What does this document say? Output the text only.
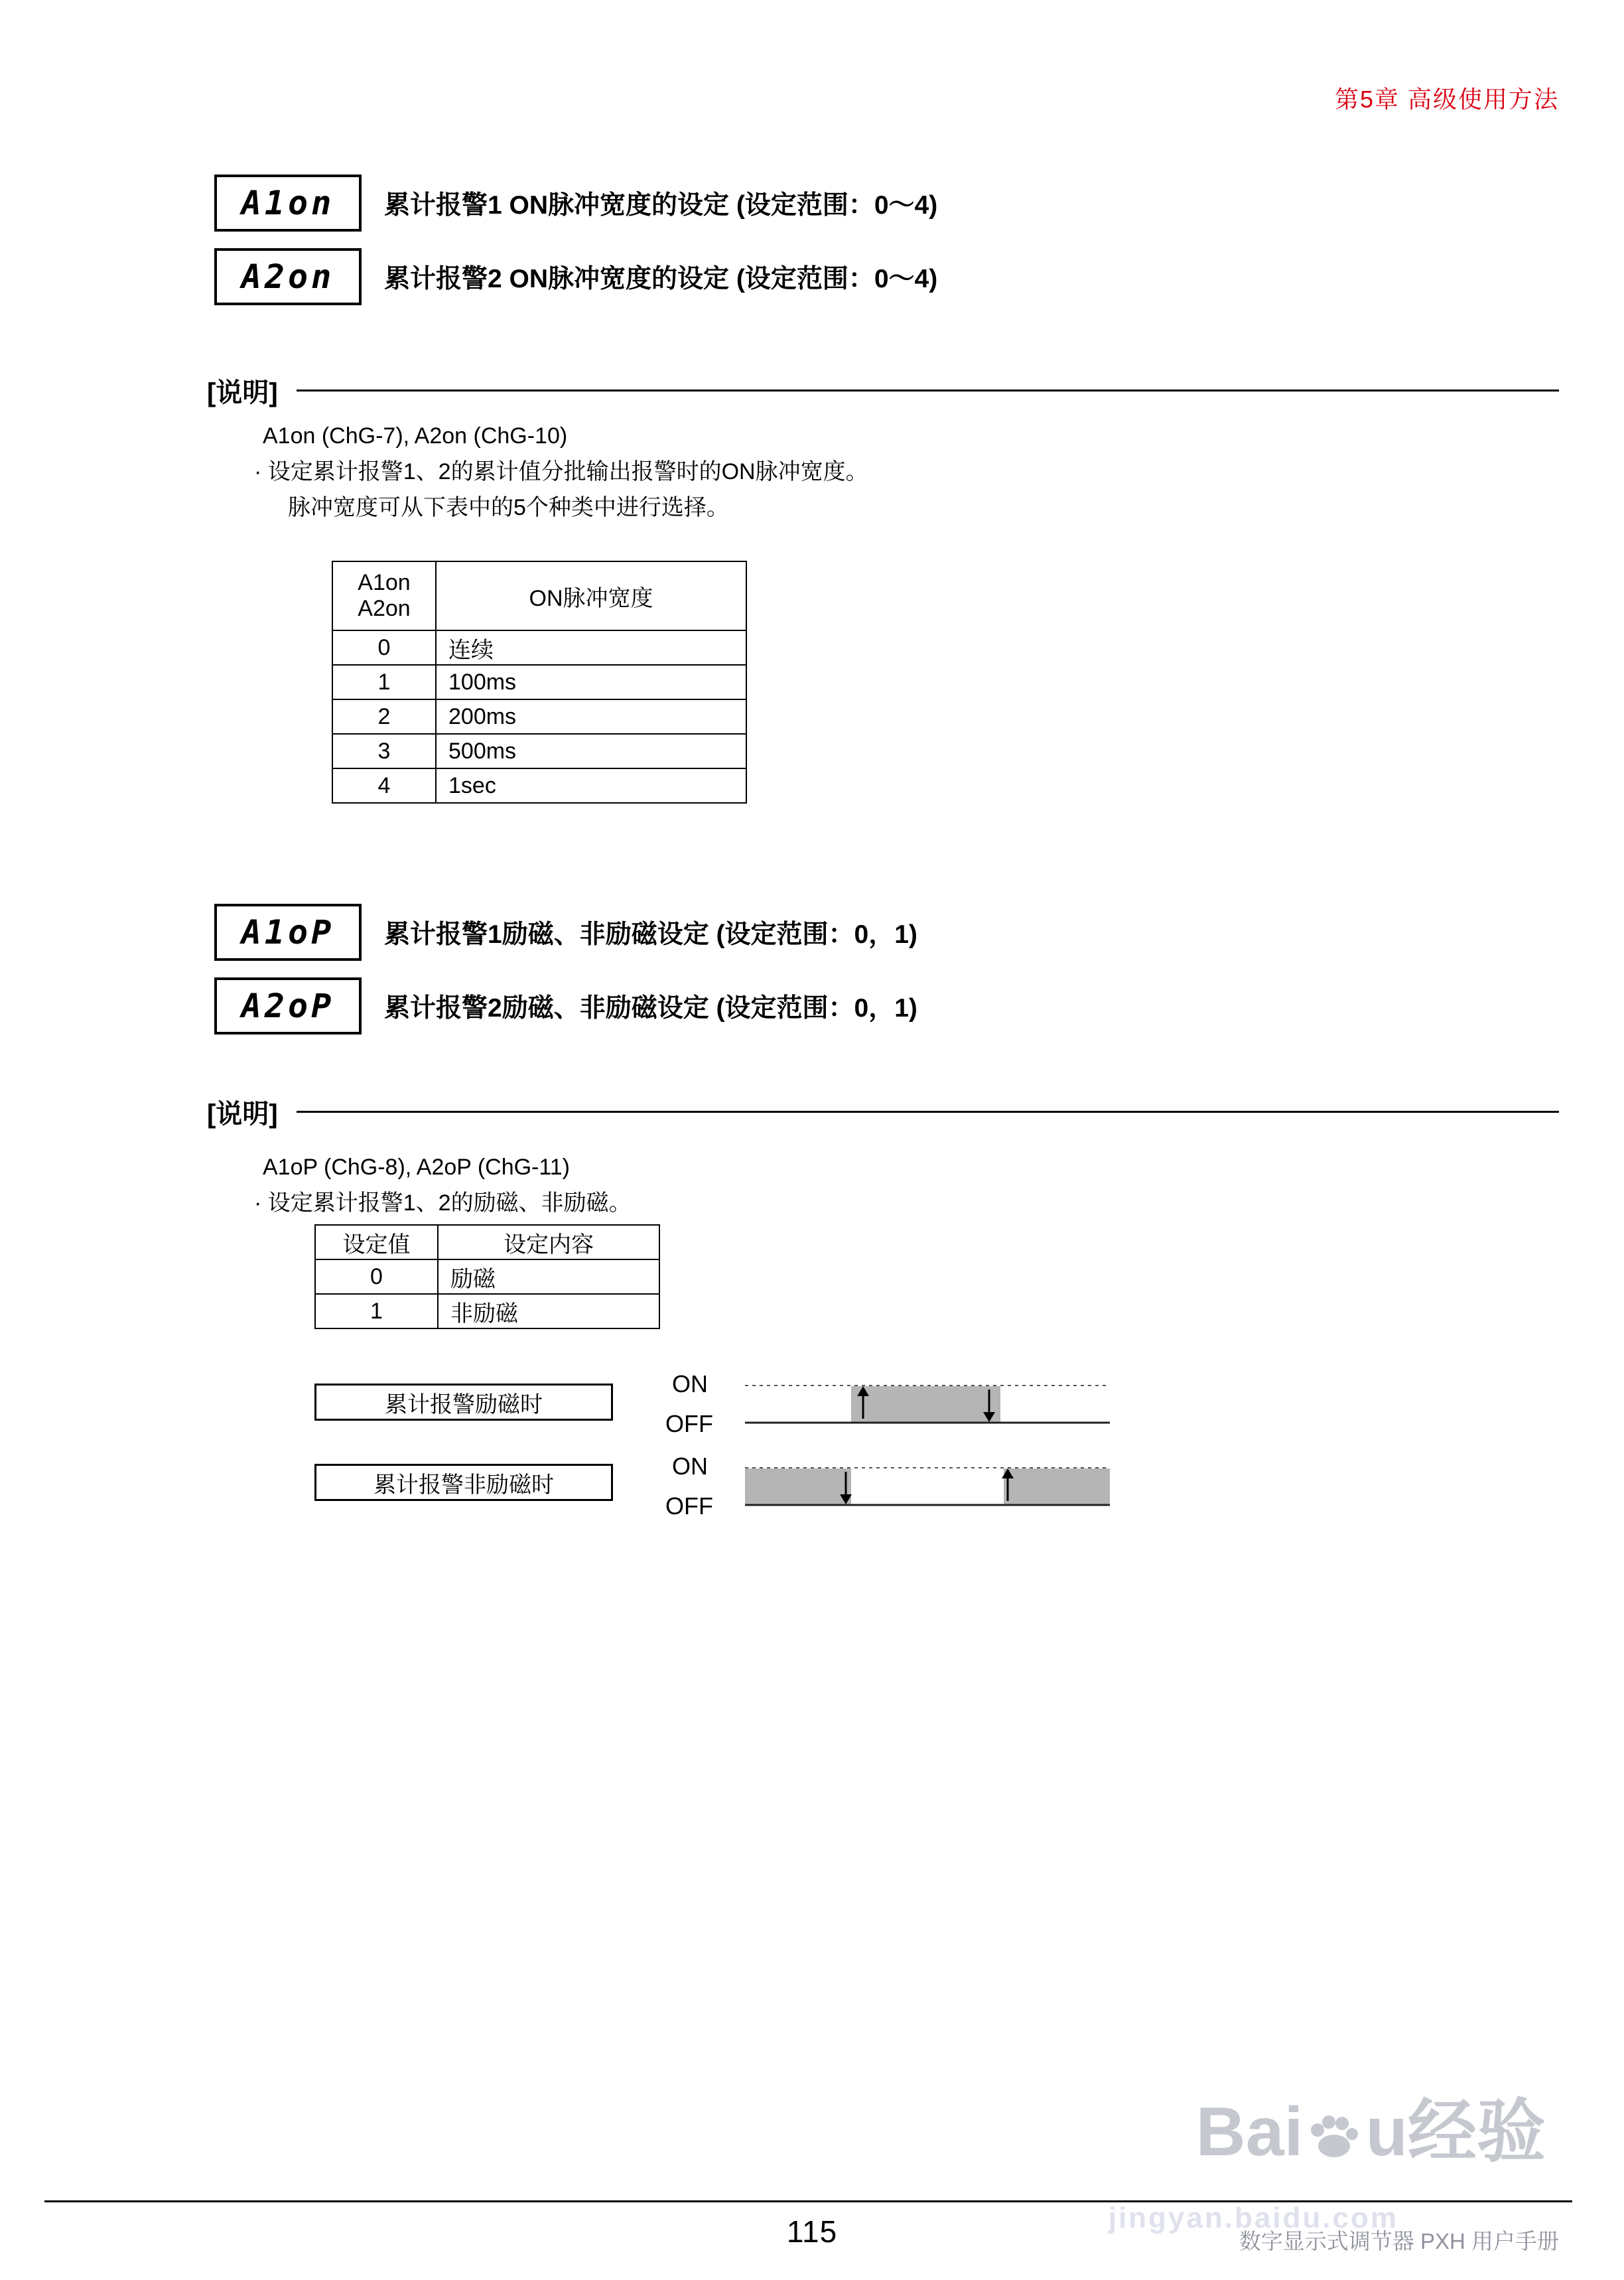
第5章 高级使用方法
A1on 累计报警1 ON脉冲宽度的设定 (设定范围：0～4)
A2on 累计报警2 ON脉冲宽度的设定 (设定范围：0～4)
[说明]
A1on (ChG-7), A2on (ChG-10)
· 设定累计报警1、2的累计值分批输出报警时的ON脉冲宽度。
脉冲宽度可从下表中的5个种类中进行选择。
A1on
A2on	ON脉冲宽度
0	连续
1	100ms
2	200ms
3	500ms
4	1sec
A1oP 累计报警1励磁、非励磁设定 (设定范围：0，1)
A2oP 累计报警2励磁、非励磁设定 (设定范围：0，1)
[说明]
A1oP (ChG-8), A2oP (ChG-11)
· 设定累计报警1、2的励磁、非励磁。
设定值	设定内容
0	励磁
1	非励磁
累计报警励磁时
ON
OFF
累计报警非励磁时
ON
OFF
Bai u 经验
jingyan.baidu.com
115	数字显示式调节器 PXH 用户手册
